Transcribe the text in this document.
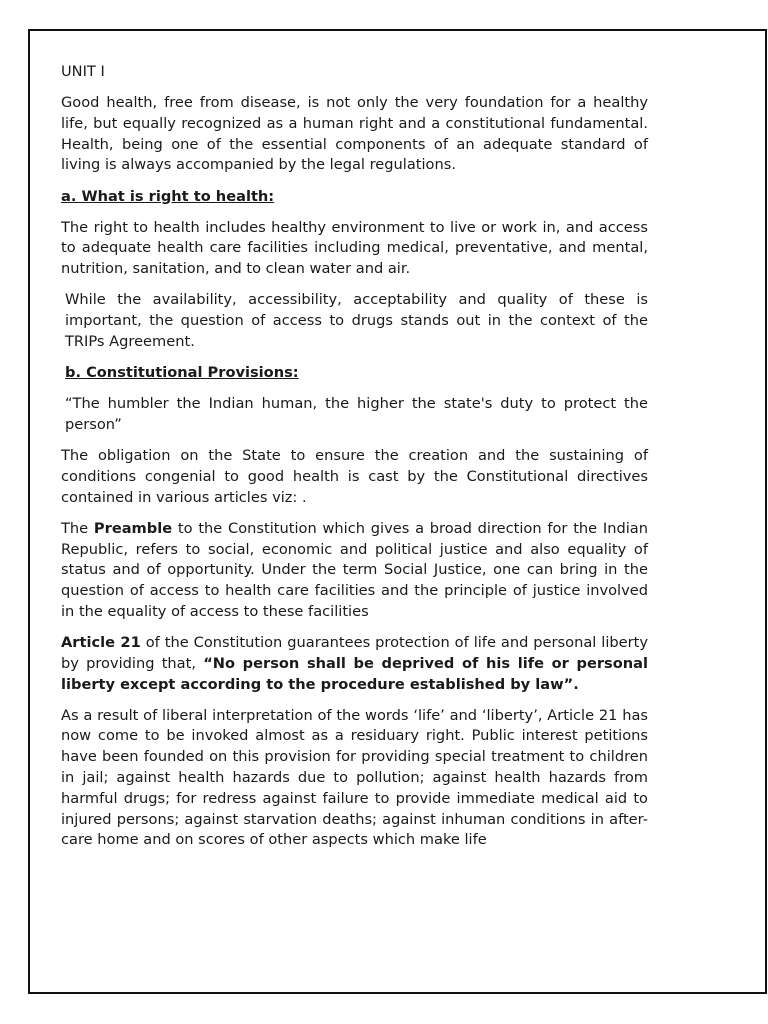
UNIT I

Good health, free from disease, is not only the very foundation for a healthy life, but equally recognized as a human right and a constitutional fundamental. Health, being one of the essential components of an adequate standard of living is always accompanied by the legal regulations.

a. What is right to health:

The right to health includes healthy environment to live or work in, and access to adequate health care facilities including medical, preventative, and mental, nutrition, sanitation, and to clean water and air.

While the availability, accessibility, acceptability and quality of these is important, the question of access to drugs stands out in the context of the TRIPs Agreement.

b. Constitutional Provisions:

“The humbler the Indian human, the higher the state's duty to protect the person”

The obligation on the State to ensure the creation and the sustaining of conditions congenial to good health is cast by the Constitutional directives contained in various articles viz: .

The Preamble to the Constitution which gives a broad direction for the Indian Republic, refers to social, economic and political justice and also equality of status and of opportunity. Under the term Social Justice, one can bring in the question of access to health care facilities and the principle of justice involved in the equality of access to these facilities

Article 21 of the Constitution guarantees protection of life and personal liberty by providing that, “No person shall be deprived of his life or personal liberty except according to the procedure established by law”.

As a result of liberal interpretation of the words ‘life’ and ‘liberty’, Article 21 has now come to be invoked almost as a residuary right. Public interest petitions have been founded on this provision for providing special treatment to children in jail; against health hazards due to pollution; against health hazards from harmful drugs; for redress against failure to provide immediate medical aid to injured persons; against starvation deaths; against inhuman conditions in after-care home and on scores of other aspects which make life
